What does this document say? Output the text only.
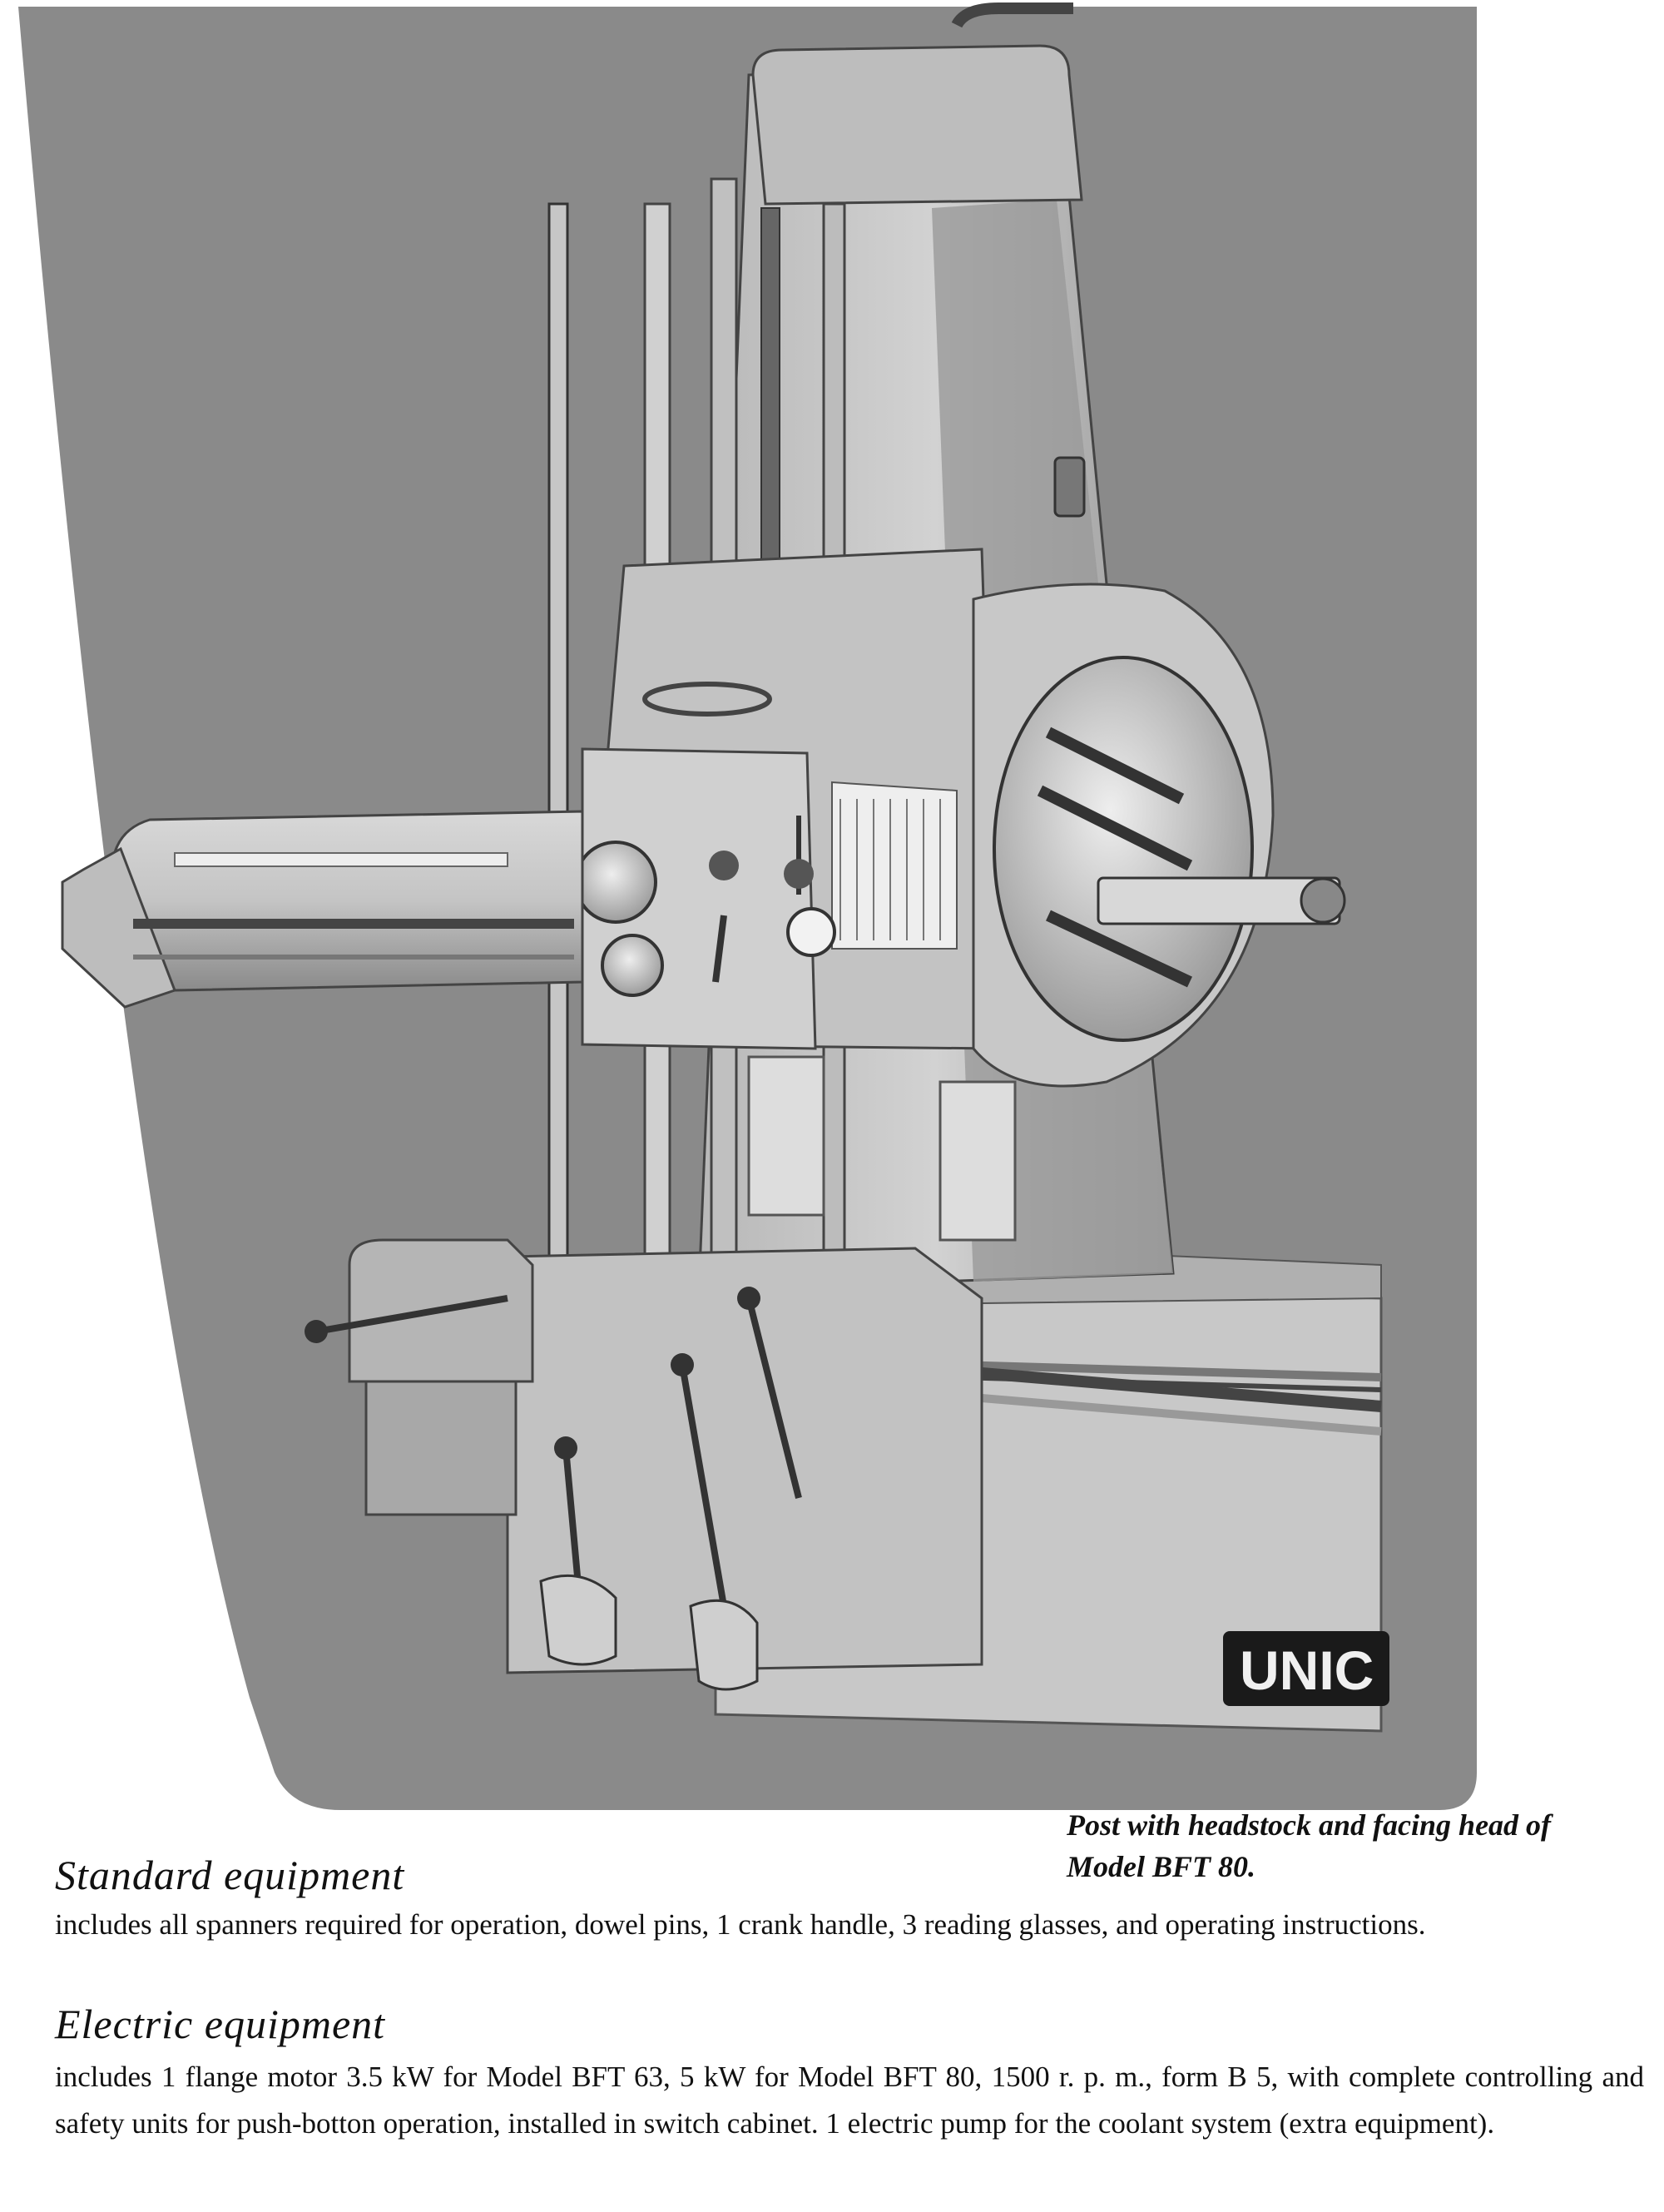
UNIC
Post with headstock and facing head of
Model BFT 80.
Standard equipment
includes all spanners required for operation, dowel pins, 1 crank handle, 3 reading glasses, and operating instructions.
Electric equipment
includes 1 flange motor 3.5 kW for Model BFT 63, 5 kW for Model BFT 80, 1500 r. p. m., form B 5, with complete controlling and safety units for push-botton operation, installed in switch cabinet. 1 electric pump for the coolant system (extra equipment).
